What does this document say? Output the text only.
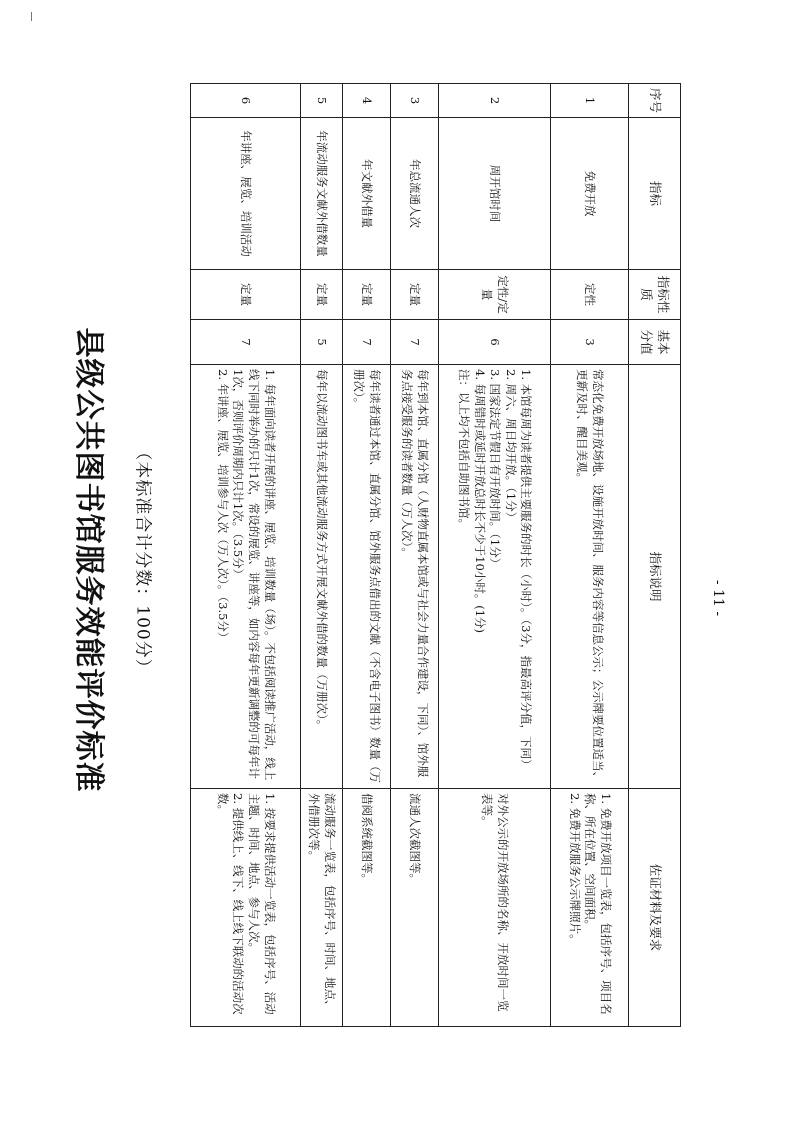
县级公共图书馆服务效能评价标准	（本标准合计分数：100分）
序号	指标	指标性质	基本分值	指标说明	佐证材料及要求
1	免费开放	定性	3	常态化免费开放场地、设施开放时间、服务内容等信息公示；公示牌要位置适当、更新及时、醒目美观。	1. 免费开放项目一览表，包括序号、项目名称、所在位置、空间面积。
2. 免费开放服务公示牌照片。
2	周开馆时间	定性/定量	6	1. 本馆每周为读者提供主要服务的时长（小时）。（3分，指最高评分值，下同）
2. 周六、周日均开放。（1分）
3. 国家法定节假日有开放时间。（1分）
4. 每周错时或延时开放总时长不少于10小时。(1分)
注：以上均不包括自助图书馆。	对外公示的开放场所的名称、开放时间一览表等。
3	年总流通人次	定量	7	每年到本馆、直属分馆（人财物直属本馆或与社会力量合作建设，下同）、馆外服务点接受服务的读者数量（万人次）。	流通人次截图等。
4	年文献外借量	定量	7	每年读者通过本馆、直属分馆、馆外服务点借出的文献（不含电子图书）数量（万册次）。	借阅系统截图等。
5	年流动服务文献外借数量	定量	5	每年以流动图书车或其他流动服务方式开展文献外借的数量（万册次）。	流动服务一览表，包括序号、时间、地点、外借册次等。
6	年讲座、展览、培训活动	定量	7	1. 每年面向读者开展的讲座、展览、培训数量（场）。不包括阅读推广活动，线上线下同时举办的只计1次，常设的展览、讲座等，如内容每年更新调整的可每年计1次，否则评价周期内只计1次。（3.5分）
2. 年讲座、展览、培训参与人次（万人次）。（3.5分）	1. 按要求提供活动一览表，包括序号、活动主题、时间、地点、参与人次。
2. 提供线上、线下、线上线下联动的活动次数。
- 11 -
